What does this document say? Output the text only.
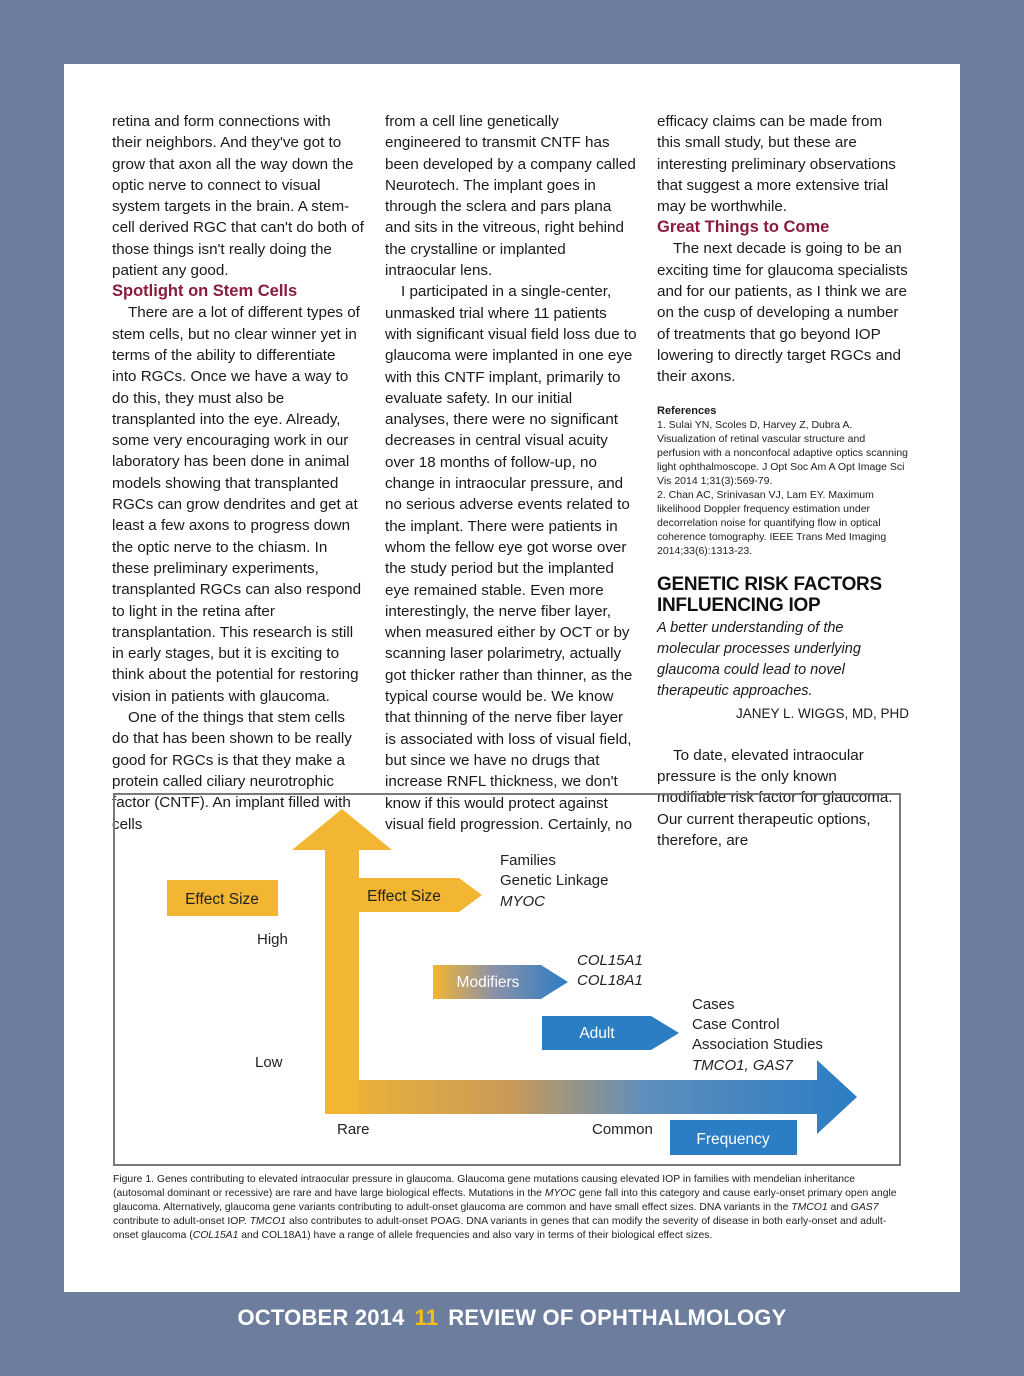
retina and form connections with their neighbors. And they've got to grow that axon all the way down the optic nerve to connect to visual system targets in the brain. A stem-cell derived RGC that can't do both of those things isn't really doing the patient any good.

Spotlight on Stem Cells

There are a lot of different types of stem cells, but no clear winner yet in terms of the ability to differentiate into RGCs. Once we have a way to do this, they must also be transplanted into the eye. Already, some very encouraging work in our laboratory has been done in animal models showing that transplanted RGCs can grow dendrites and get at least a few axons to progress down the optic nerve to the chiasm. In these preliminary experiments, transplanted RGCs can also respond to light in the retina after transplantation. This research is still in early stages, but it is exciting to think about the potential for restoring vision in patients with glaucoma.

One of the things that stem cells do that has been shown to be really good for RGCs is that they make a protein called ciliary neurotrophic factor (CNTF). An implant filled with cells

from a cell line genetically engineered to transmit CNTF has been developed by a company called Neurotech. The implant goes in through the sclera and pars plana and sits in the vitreous, right behind the crystalline or implanted intraocular lens.

I participated in a single-center, unmasked trial where 11 patients with significant visual field loss due to glaucoma were implanted in one eye with this CNTF implant, primarily to evaluate safety. In our initial analyses, there were no significant decreases in central visual acuity over 18 months of follow-up, no change in intraocular pressure, and no serious adverse events related to the implant. There were patients in whom the fellow eye got worse over the study period but the implanted eye remained stable. Even more interestingly, the nerve fiber layer, when measured either by OCT or by scanning laser polarimetry, actually got thicker rather than thinner, as the typical course would be. We know that thinning of the nerve fiber layer is associated with loss of visual field, but since we have no drugs that increase RNFL thickness, we don't know if this would protect against visual field progression. Certainly, no

efficacy claims can be made from this small study, but these are interesting preliminary observations that suggest a more extensive trial may be worthwhile.

Great Things to Come

The next decade is going to be an exciting time for glaucoma specialists and for our patients, as I think we are on the cusp of developing a number of treatments that go beyond IOP lowering to directly target RGCs and their axons.

References

1. Sulai YN, Scoles D, Harvey Z, Dubra A. Visualization of retinal vascular structure and perfusion with a nonconfocal adaptive optics scanning light ophthalmoscope. J Opt Soc Am A Opt Image Sci Vis 2014 1;31(3):569-79.

2. Chan AC, Srinivasan VJ, Lam EY. Maximum likelihood Doppler frequency estimation under decorrelation noise for quantifying flow in optical coherence tomography. IEEE Trans Med Imaging 2014;33(6):1313-23.

GENETIC RISK FACTORS INFLUENCING IOP
A better understanding of the molecular processes underlying glaucoma could lead to novel therapeutic approaches.
JANEY L. WIGGS, MD, PHD

To date, elevated intraocular pressure is the only known modifiable risk factor for glaucoma. Our current therapeutic options, therefore, are

Effect Size	Effect Size
High
Low
Rare	Common
Frequency
Families
Genetic Linkage
MYOC
Modifiers
COL15A1
COL18A1
Adult
Cases
Case Control
Association Studies
TMCO1, GAS7
Figure 1. Genes contributing to elevated intraocular pressure in glaucoma. Glaucoma gene mutations causing elevated IOP in families with mendelian inheritance (autosomal dominant or recessive) are rare and have large biological effects. Mutations in the MYOC gene fall into this category and cause early-onset primary open angle glaucoma. Alternatively, glaucoma gene variants contributing to adult-onset glaucoma are common and have small effect sizes. DNA variants in the TMCO1 and GAS7 contribute to adult-onset IOP. TMCO1 also contributes to adult-onset POAG. DNA variants in genes that can modify the severity of disease in both early-onset and adult-onset glaucoma (COL15A1 and COL18A1) have a range of allele frequencies and also vary in terms of their biological effect sizes.
OCTOBER 2014 11 REVIEW OF OPHTHALMOLOGY
